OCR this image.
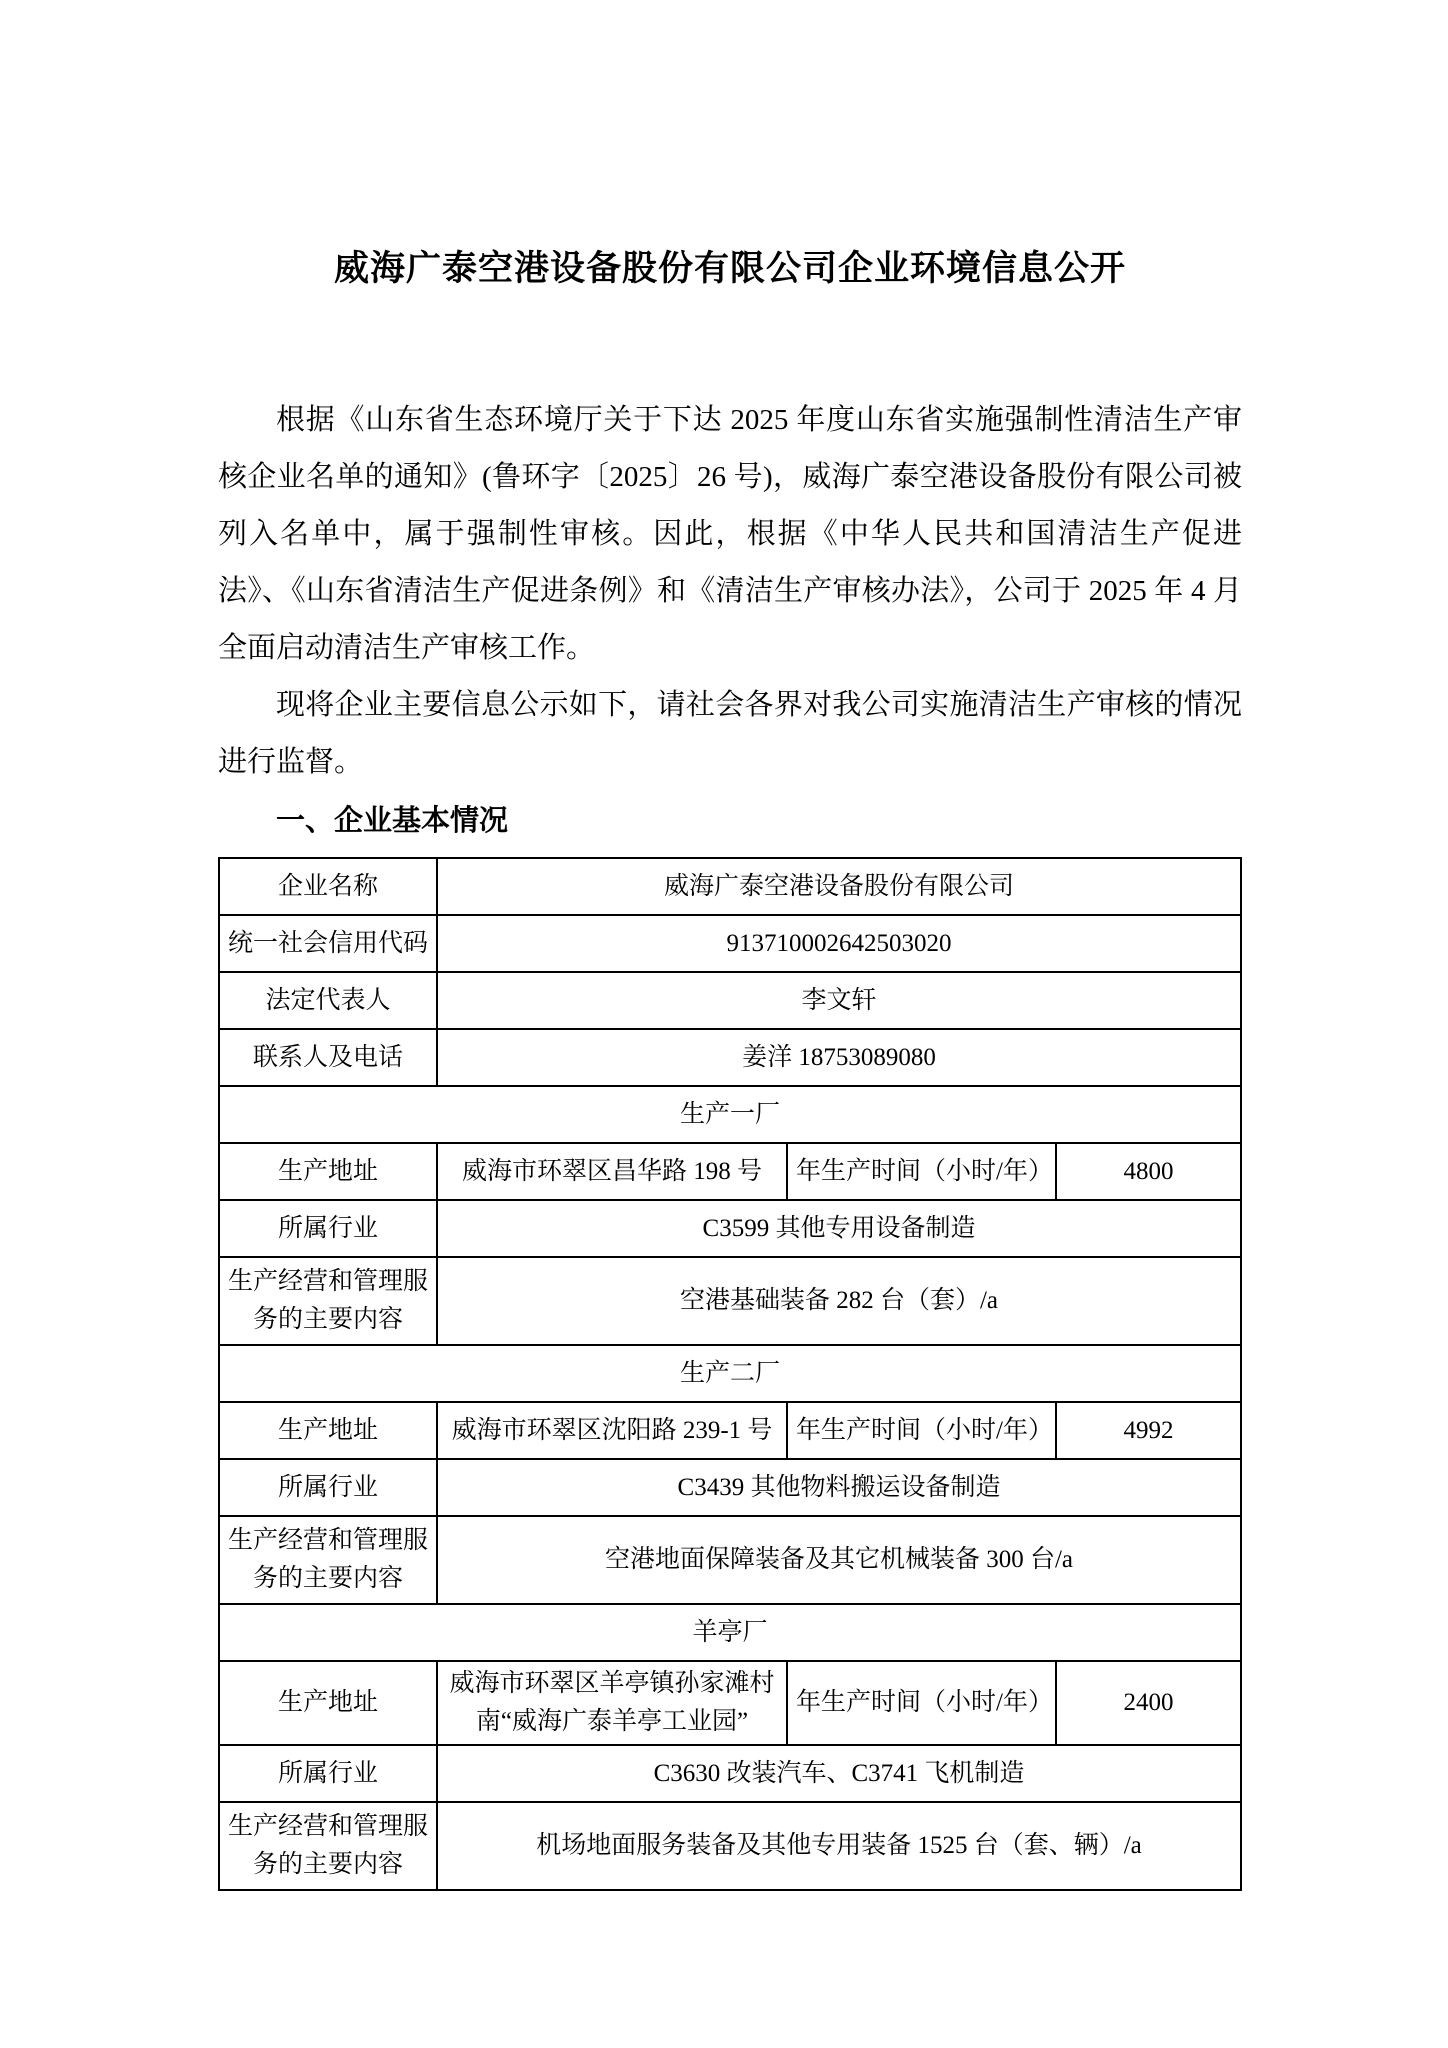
威海广泰空港设备股份有限公司企业环境信息公开

根据《山东省生态环境厅关于下达 2025 年度山东省实施强制性清洁生产审核企业名单的通知》(鲁环字〔2025〕26 号)，威海广泰空港设备股份有限公司被列入名单中，属于强制性审核。因此，根据《中华人民共和国清洁生产促进法》、《山东省清洁生产促进条例》和《清洁生产审核办法》，公司于 2025 年 4 月全面启动清洁生产审核工作。

现将企业主要信息公示如下，请社会各界对我公司实施清洁生产审核的情况进行监督。

一、企业基本情况
企业名称	威海广泰空港设备股份有限公司		
统一社会信用代码	913710002642503020		
法定代表人	李文轩		
联系人及电话	姜洋 18753089080		
生产一厂			
生产地址	威海市环翠区昌华路 198 号	年生产时间（小时/年）	4800
所属行业	C3599 其他专用设备制造		
生产经营和管理服务的主要内容	空港基础装备 282 台（套）/a		
生产二厂			
生产地址	威海市环翠区沈阳路 239-1 号	年生产时间（小时/年）	4992
所属行业	C3439 其他物料搬运设备制造		
生产经营和管理服务的主要内容	空港地面保障装备及其它机械装备 300 台/a		
羊亭厂			
生产地址	威海市环翠区羊亭镇孙家滩村南“威海广泰羊亭工业园”	年生产时间（小时/年）	2400
所属行业	C3630 改装汽车、C3741 飞机制造		
生产经营和管理服务的主要内容	机场地面服务装备及其他专用装备 1525 台（套、辆）/a		
